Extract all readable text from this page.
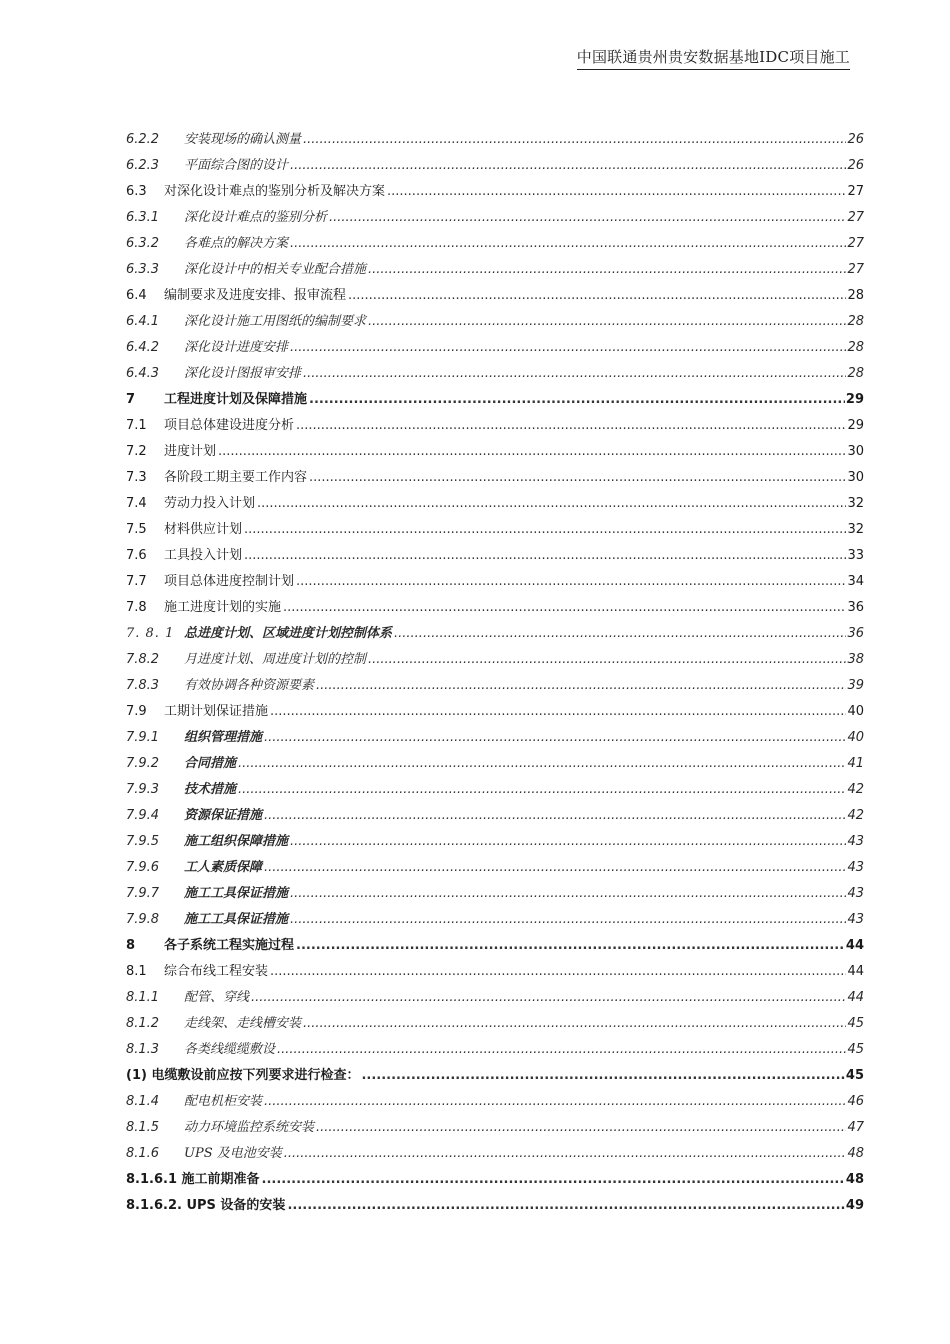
中国联通贵州贵安数据基地IDC项目施工
6.2.2	安装现场的确认测量 .....	26
6.2.3	平面综合图的设计 .....	26
6.3	对深化设计难点的鉴别分析及解决方案 .....	27
6.3.1	深化设计难点的鉴别分析 .....	27
6.3.2	各难点的解决方案 .....	27
6.3.3	深化设计中的相关专业配合措施 .....	27
6.4	编制要求及进度安排、报审流程 .....	28
6.4.1	深化设计施工用图纸的编制要求 .....	28
6.4.2	深化设计进度安排 .....	28
6.4.3	深化设计图报审安排 .....	28
7	工程进度计划及保障措施 .....	29
7.1	项目总体建设进度分析 .....	29
7.2	进度计划 .....	30
7.3	各阶段工期主要工作内容 .....	30
7.4	劳动力投入计划 .....	32
7.5	材料供应计划 .....	32
7.6	工具投入计划 .....	33
7.7	项目总体进度控制计划 .....	34
7.8	施工进度计划的实施 .....	36
7. 8. 1 总进度计划、区域进度计划控制体系 .....	36
7.8.2	月进度计划、周进度计划的控制 .....	38
7.8.3	有效协调各种资源要素 .....	39
7.9	工期计划保证措施 .....	40
7.9.1	组织管理措施 .....	40
7.9.2	合同措施 .....	41
7.9.3	技术措施 .....	42
7.9.4	资源保证措施 .....	42
7.9.5	施工组织保障措施 .....	43
7.9.6	工人素质保障 .....	43
7.9.7	施工工具保证措施 .....	43
7.9.8	施工工具保证措施 .....	43
8	各子系统工程实施过程 .....	44
8.1	综合布线工程安装 .....	44
8.1.1	配管、穿线 .....	44
8.1.2	走线架、走线槽安装 .....	45
8.1.3	各类线缆缆敷设 .....	45
(1) 电缆敷设前应按下列要求进行检查： .....	45
8.1.4	配电机柜安装 .....	46
8.1.5	动力环境监控系统安装 .....	47
8.1.6	UPS 及电池安装 .....	48
8.1.6.1 施工前期准备 .....	48
8.1.6.2. UPS 设备的安装 .....	49
